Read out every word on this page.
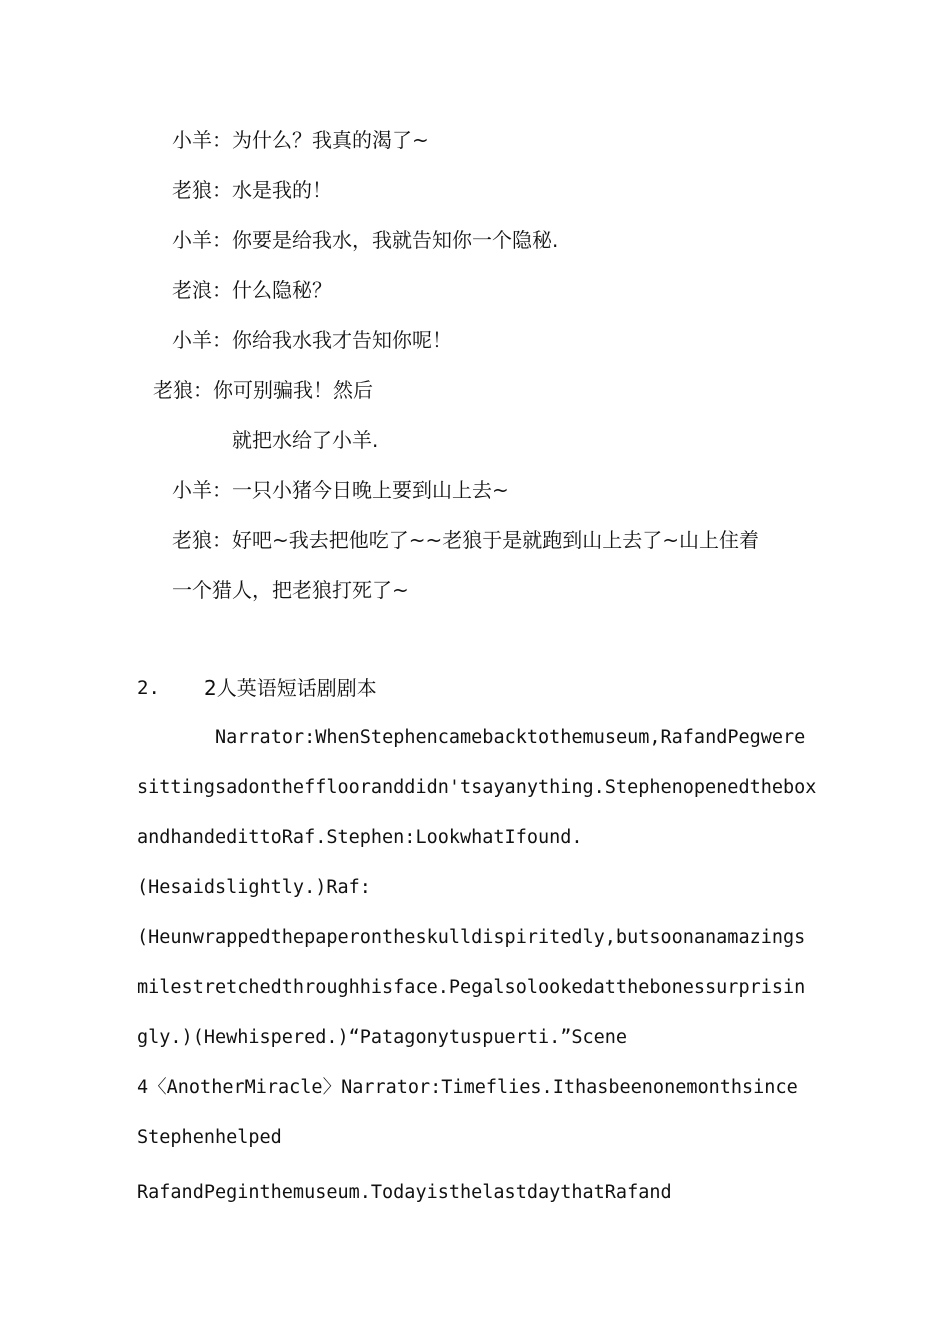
小羊：为什么？我真的渴了~
老狼：水是我的！
小羊：你要是给我水，我就告知你一个隐秘.
老浪：什么隐秘？
小羊：你给我水我才告知你呢！
老狼：你可别骗我！然后
就把水给了小羊.
小羊：一只小猪今日晚上要到山上去~
老狼：好吧~我去把他吃了~~老狼于是就跑到山上去了~山上住着
一个猎人，把老狼打死了~
2. 2人英语短话剧剧本
Narrator:WhenStephencamebacktothemuseum,RafandPegwere
sittingsadonthefflooranddidn'tsayanything.Stephenopenedthebox
andhandedittoRaf.Stephen:LookwhatIfound.
(Hesaidslightly.)Raf:
(Heunwrappedthepaperontheskulldispiritedly,butsoonanamazings
milestretchedthroughhisface.Pegalsolookedatthebonessurprisin
gly.)(Hewhispered.)“Patagonytuspuerti.”Scene
4〈AnotherMiracle〉Narrator:Timeflies.Ithasbeenonemonthsince
Stephenhelped
RafandPeginthemuseum.TodayisthelastdaythatRafand
